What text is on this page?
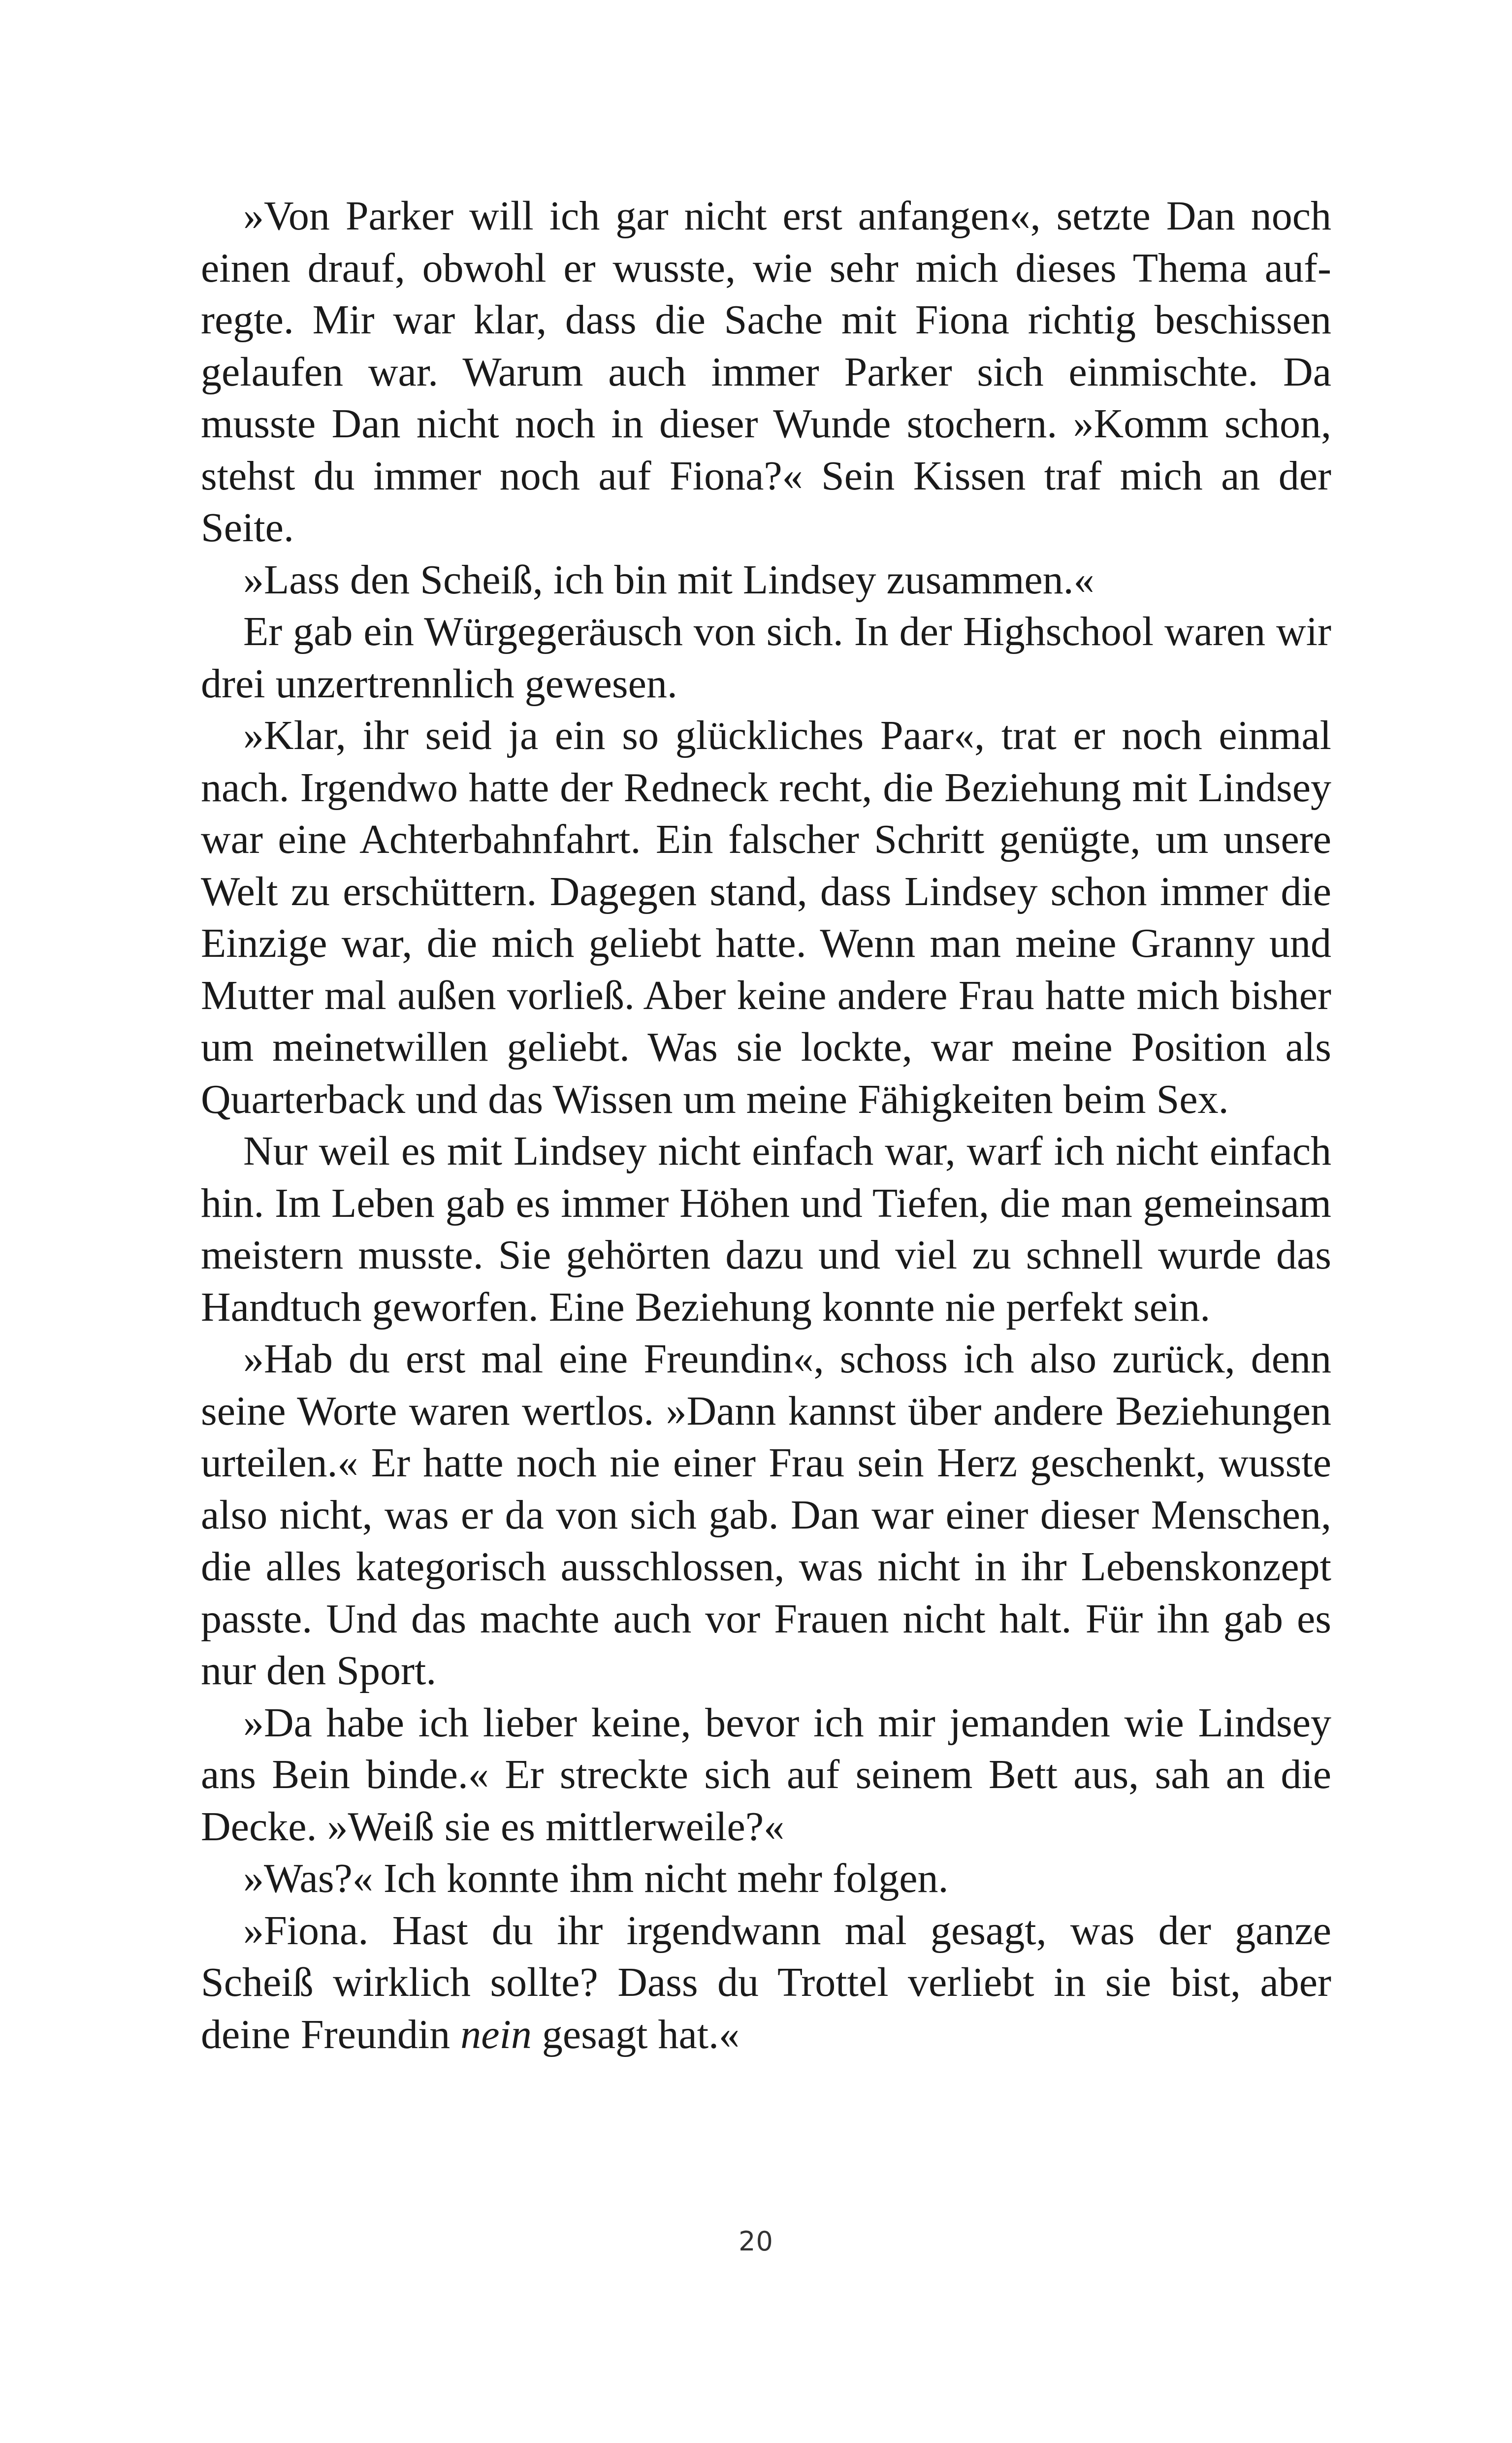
»Von Parker will ich gar nicht erst anfangen«, setzte Dan noch einen drauf, obwohl er wusste, wie sehr mich dieses Thema aufregte. Mir war klar, dass die Sache mit Fiona richtig beschissen gelaufen war. Warum auch immer Parker sich einmischte. Da musste Dan nicht noch in dieser Wunde stochern. »Komm schon, stehst du immer noch auf Fiona?« Sein Kissen traf mich an der Seite.

»Lass den Scheiß, ich bin mit Lindsey zusammen.«

Er gab ein Würgegeräusch von sich. In der Highschool waren wir drei unzertrennlich gewesen.

»Klar, ihr seid ja ein so glückliches Paar«, trat er noch einmal nach. Irgendwo hatte der Redneck recht, die Beziehung mit Lindsey war eine Achterbahnfahrt. Ein falscher Schritt genügte, um unsere Welt zu erschüttern. Dagegen stand, dass Lindsey schon immer die Einzige war, die mich geliebt hatte. Wenn man meine Granny und Mutter mal außen vorließ. Aber keine andere Frau hatte mich bisher um meinetwillen geliebt. Was sie lockte, war meine Position als Quarterback und das Wissen um meine Fähigkeiten beim Sex.

Nur weil es mit Lindsey nicht einfach war, warf ich nicht einfach hin. Im Leben gab es immer Höhen und Tiefen, die man gemeinsam meistern musste. Sie gehörten dazu und viel zu schnell wurde das Handtuch geworfen. Eine Beziehung konnte nie perfekt sein.

»Hab du erst mal eine Freundin«, schoss ich also zurück, denn seine Worte waren wertlos. »Dann kannst über andere Beziehungen urteilen.« Er hatte noch nie einer Frau sein Herz geschenkt, wusste also nicht, was er da von sich gab. Dan war einer dieser Menschen, die alles kategorisch ausschlossen, was nicht in ihr Lebenskonzept passte. Und das machte auch vor Frauen nicht halt. Für ihn gab es nur den Sport.

»Da habe ich lieber keine, bevor ich mir jemanden wie Lindsey ans Bein binde.« Er streckte sich auf seinem Bett aus, sah an die Decke. »Weiß sie es mittlerweile?«

»Was?« Ich konnte ihm nicht mehr folgen.

»Fiona. Hast du ihr irgendwann mal gesagt, was der ganze Scheiß wirklich sollte? Dass du Trottel verliebt in sie bist, aber deine Freundin nein gesagt hat.«

20
